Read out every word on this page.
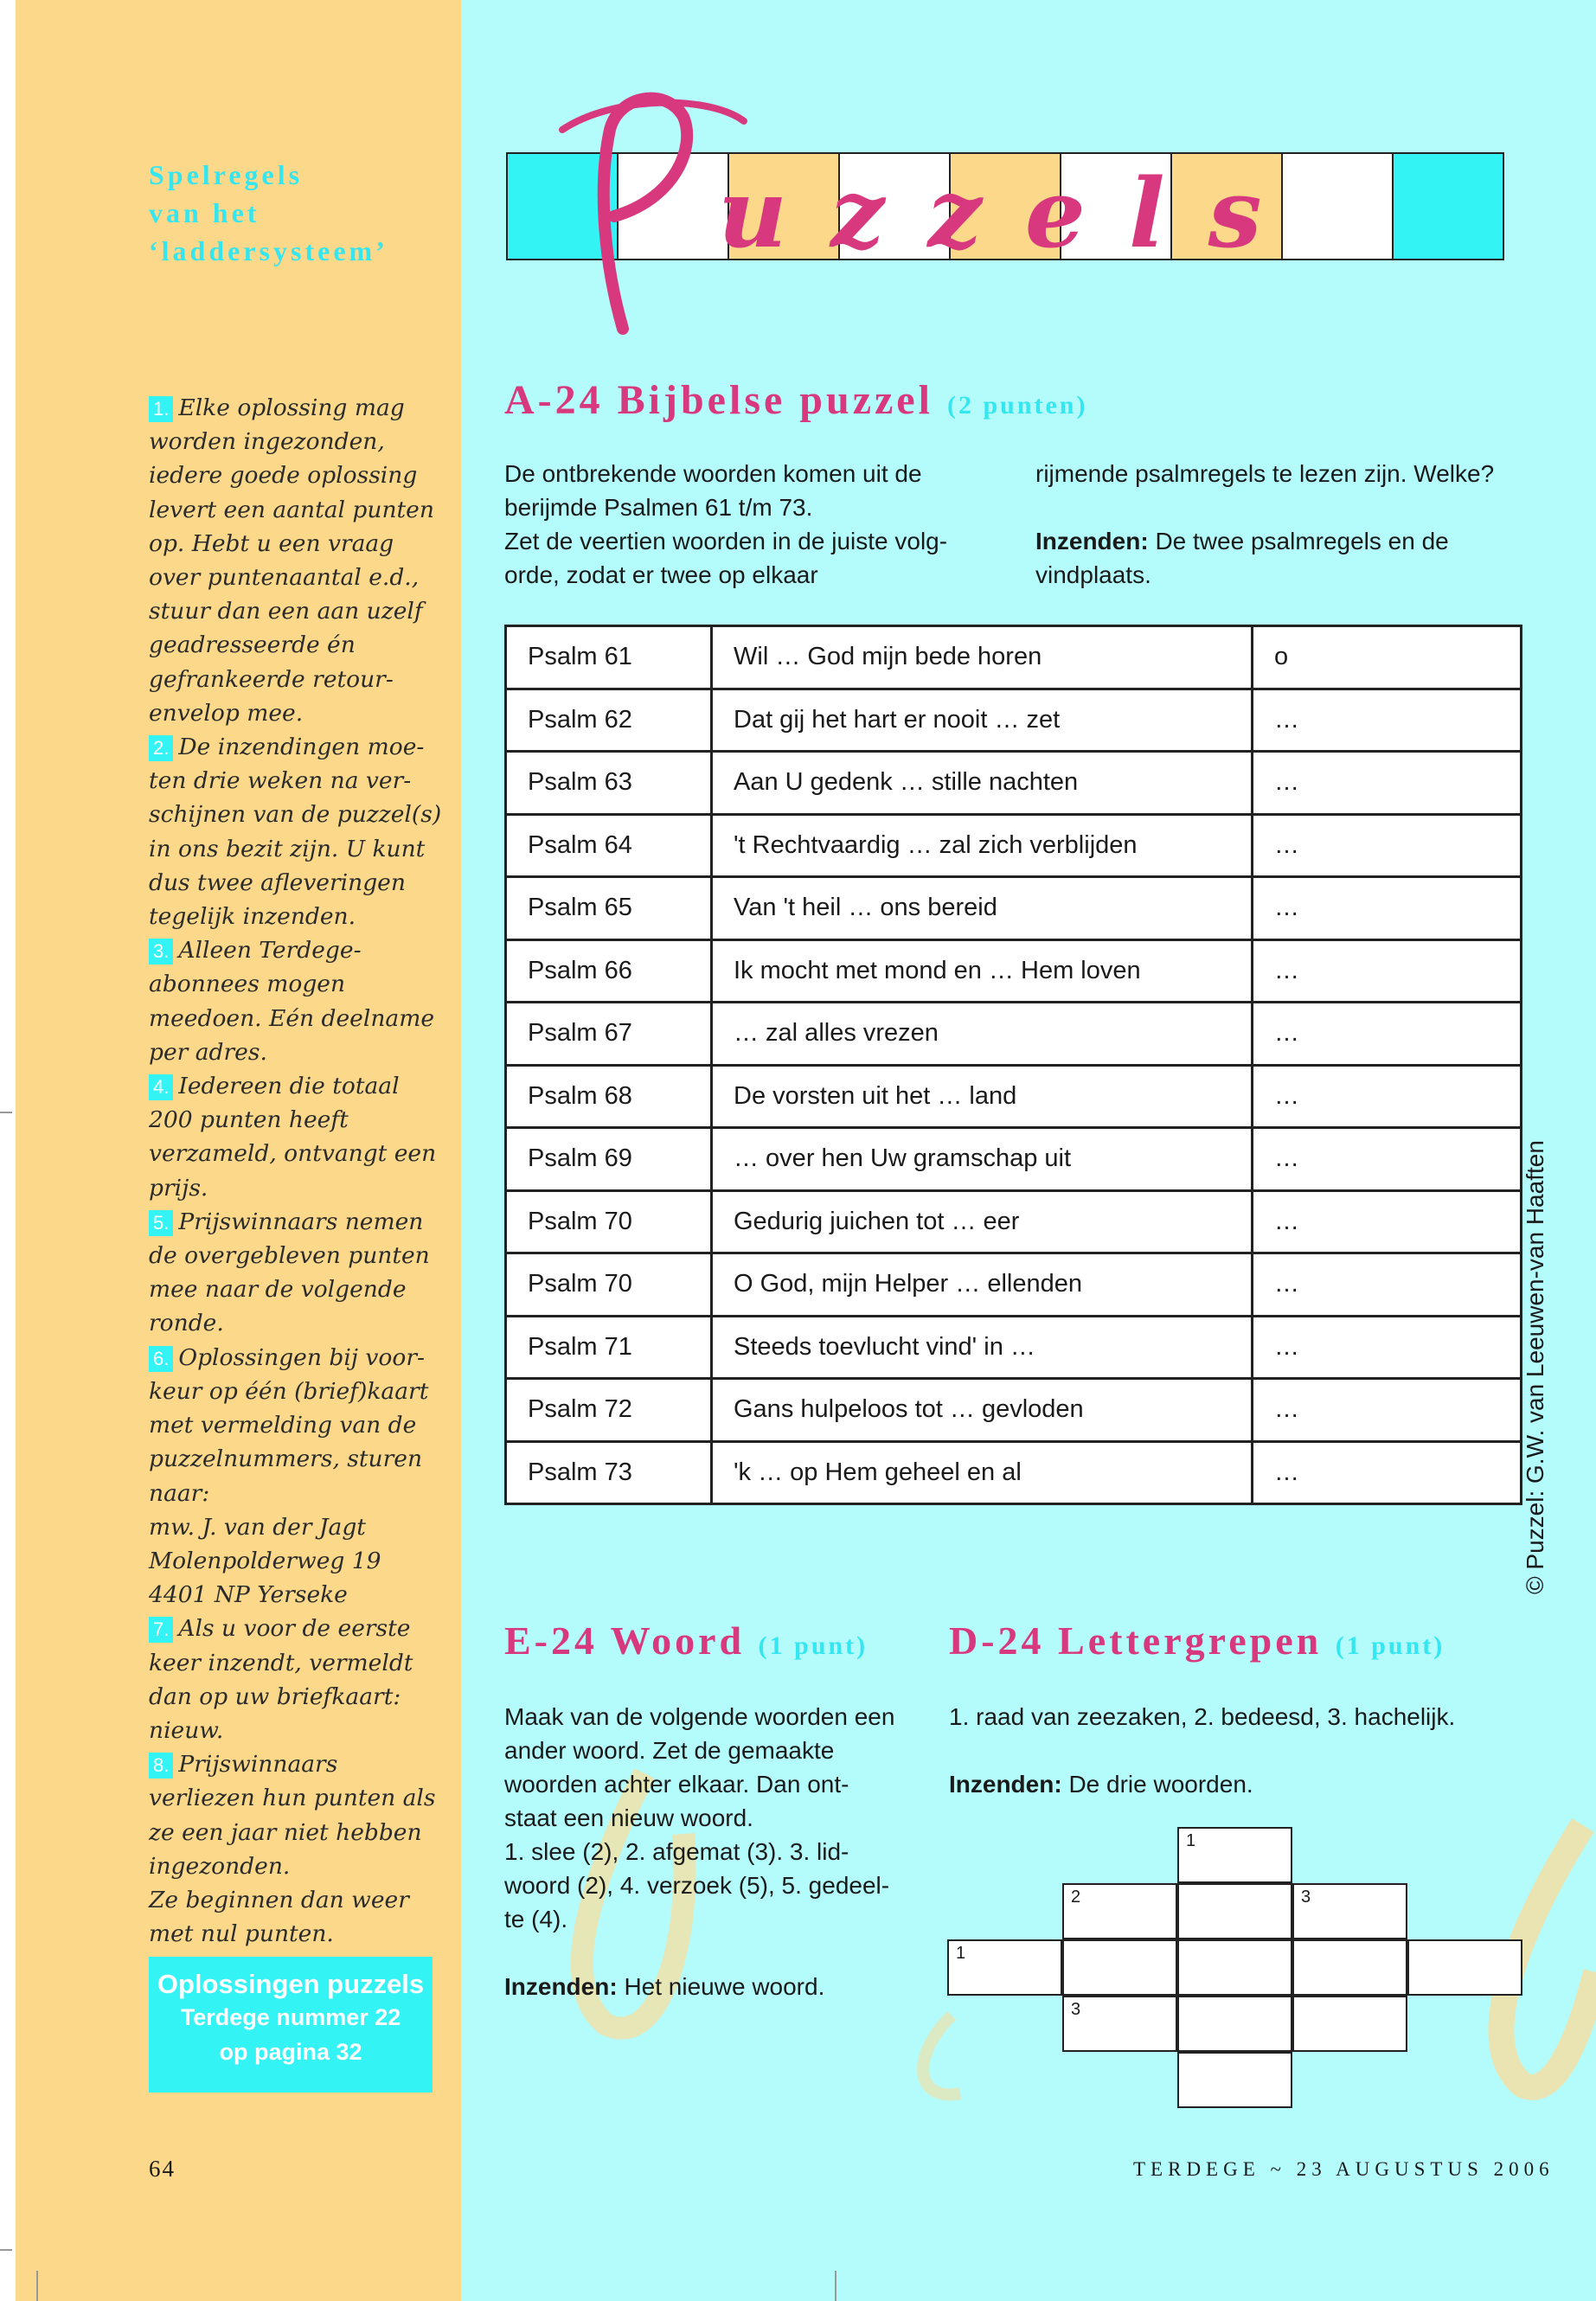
Spelregels
van het
‘laddersysteem’

1. Elke oplossing mag worden ingezonden, iedere goede oplossing levert een aantal punten op. Hebt u een vraag over puntenaantal e.d., stuur dan een aan uzelf geadresseerde én gefrankeerde retour-envelop mee.

2. De inzendingen moe-ten drie weken na ver-schijnen van de puzzel(s) in ons bezit zijn. U kunt dus twee afleveringen tegelijk inzenden.

3. Alleen Terdege-abonnees mogen meedoen. Eén deelname per adres.

4. Iedereen die totaal 200 punten heeft verzameld, ontvangt een prijs.

5. Prijswinnaars nemen de overgebleven punten mee naar de volgende ronde.

6. Oplossingen bij voor-keur op één (brief)kaart met vermelding van de puzzelnummers, sturen naar:

mw. J. van der Jagt

Molenpolderweg 19

4401 NP Yerseke

7. Als u voor de eerste keer inzendt, vermeldt dan op uw briefkaart: nieuw.

8. Prijswinnaars verliezen hun punten als ze een jaar niet hebben ingezonden.

Ze beginnen dan weer met nul punten.

Oplossingen puzzels
Terdege nummer 22
op pagina 32
uzzels
Puzzels
A-24 Bijbelse puzzel (2 punten)

De ontbrekende woorden komen uit de

berijmde Psalmen 61 t/m 73.

Zet de veertien woorden in de juiste volg-

orde, zodat er twee op elkaar

rijmende psalmregels te lezen zijn. Welke?

Inzenden: De twee psalmregels en de

vindplaats.

Psalm 61	Wil … God mijn bede horen	o
Psalm 62	Dat gij het hart er nooit … zet	…
Psalm 63	Aan U gedenk … stille nachten	…
Psalm 64	't Rechtvaardig … zal zich verblijden	…
Psalm 65	Van 't heil … ons bereid	…
Psalm 66	Ik mocht met mond en … Hem loven	…
Psalm 67	… zal alles vrezen	…
Psalm 68	De vorsten uit het … land	…
Psalm 69	… over hen Uw gramschap uit	…
Psalm 70	Gedurig juichen tot … eer	…
Psalm 70	O God, mijn Helper … ellenden	…
Psalm 71	Steeds toevlucht vind' in …	…
Psalm 72	Gans hulpeloos tot … gevloden	…
Psalm 73	'k … op Hem geheel en al	…	© Puzzel: G.W. van Leeuwen-van Haaften
E-24 Woord (1 punt)

Maak van de volgende woorden een

ander woord. Zet de gemaakte

woorden achter elkaar. Dan ont-

staat een nieuw woord.

1. slee (2), 2. afgemat (3). 3. lid-

woord (2), 4. verzoek (5), 5. gedeel-

te (4).

Inzenden: Het nieuwe woord.

D-24 Lettergrepen (1 punt)

1. raad van zeezaken, 2. bedeesd, 3. hachelijk.

Inzenden: De drie woorden.

1
2	3
1
3
64	TERDEGE ~ 23 AUGUSTUS 2006
